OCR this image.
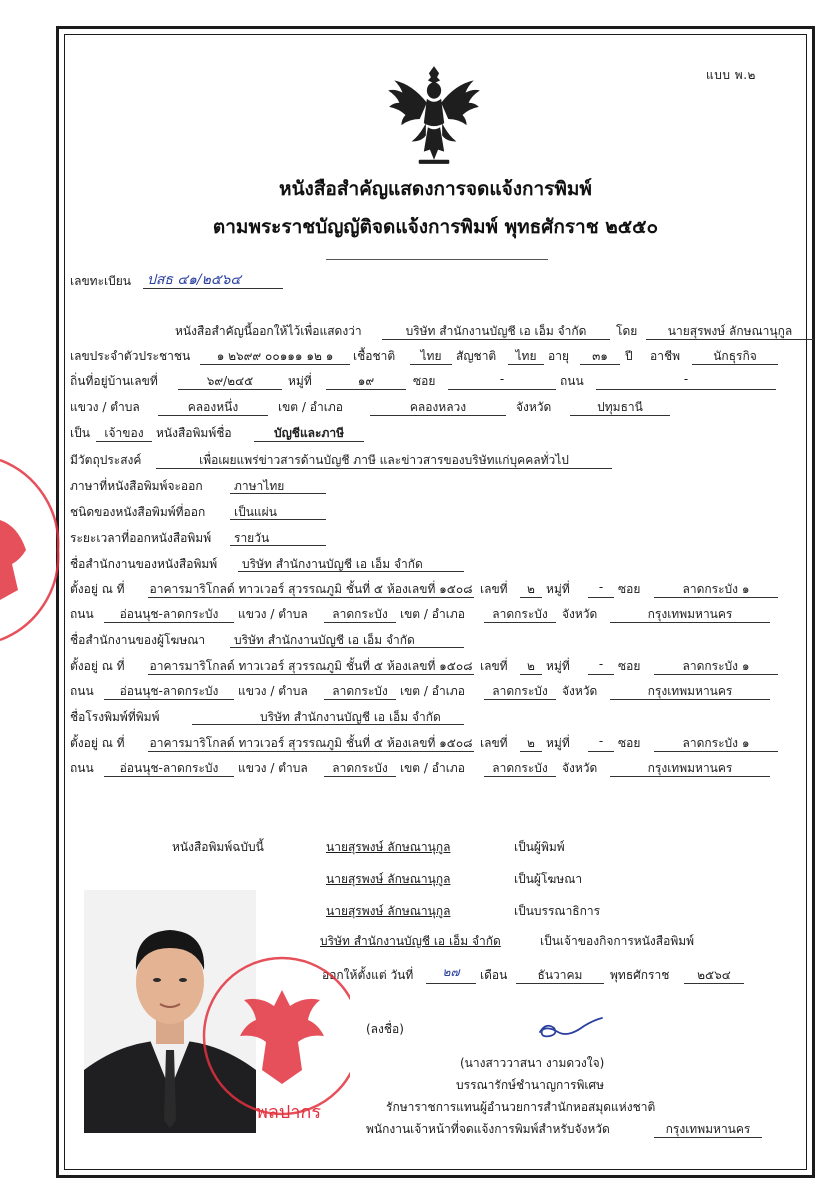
แบบ พ.๒
หนังสือสำคัญแสดงการจดแจ้งการพิมพ์
ตามพระราชบัญญัติจดแจ้งการพิมพ์ พุทธศักราช ๒๕๕๐
เลขทะเบียน ปสธ ๔๑/๒๕๖๔
หนังสือสำคัญนี้ออกให้ไว้เพื่อแสดงว่า	บริษัท สำนักงานบัญชี เอ เอ็ม จำกัด	โดย	นายสุรพงษ์ ลักษณานุกูล
เลขประจำตัวประชาชน	๑ ๒๖๙๙ ๐๐๑๑๑ ๑๒ ๑	เชื้อชาติ	ไทย	สัญชาติ	ไทย อายุ	๓๑	ปี อาชีพ	นักธุรกิจ
ถิ่นที่อยู่บ้านเลขที่	๖๙/๒๔๕	หมู่ที่	๑๙	ซอย	-	ถนน	-
แขวง / ตำบล	คลองหนึ่ง	เขต / อำเภอ	คลองหลวง	จังหวัด	ปทุมธานี
เป็น	เจ้าของ	หนังสือพิมพ์ชื่อ	บัญชีและภาษี
มีวัตถุประสงค์	เพื่อเผยแพร่ข่าวสารด้านบัญชี ภาษี และข่าวสารของบริษัทแก่บุคคลทั่วไป
ภาษาที่หนังสือพิมพ์จะออก	ภาษาไทย
ชนิดของหนังสือพิมพ์ที่ออก	เป็นแผ่น
ระยะเวลาที่ออกหนังสือพิมพ์	รายวัน
ชื่อสำนักงานของหนังสือพิมพ์	บริษัท สำนักงานบัญชี เอ เอ็ม จำกัด
ตั้งอยู่ ณ ที่ อาคารมาริโกลด์ ทาวเวอร์ สุวรรณภูมิ ชั้นที่ ๕ ห้องเลขที่ ๑๕๐๘ เลขที่	๒ หมู่ที่	-	ซอย	ลาดกระบัง ๑
ถนน	อ่อนนุช-ลาดกระบัง	แขวง / ตำบล	ลาดกระบัง	เขต / อำเภอ	ลาดกระบัง	จังหวัด	กรุงเทพมหานคร
ชื่อสำนักงานของผู้โฆษณา	บริษัท สำนักงานบัญชี เอ เอ็ม จำกัด
ตั้งอยู่ ณ ที่ อาคารมาริโกลด์ ทาวเวอร์ สุวรรณภูมิ ชั้นที่ ๕ ห้องเลขที่ ๑๕๐๘ เลขที่	๒ หมู่ที่	-	ซอย	ลาดกระบัง ๑
ถนน	อ่อนนุช-ลาดกระบัง	แขวง / ตำบล	ลาดกระบัง	เขต / อำเภอ	ลาดกระบัง	จังหวัด	กรุงเทพมหานคร
ชื่อโรงพิมพ์ที่พิมพ์	บริษัท สำนักงานบัญชี เอ เอ็ม จำกัด
ตั้งอยู่ ณ ที่ อาคารมาริโกลด์ ทาวเวอร์ สุวรรณภูมิ ชั้นที่ ๕ ห้องเลขที่ ๑๕๐๘ เลขที่	๒ หมู่ที่	-	ซอย	ลาดกระบัง ๑
ถนน	อ่อนนุช-ลาดกระบัง	แขวง / ตำบล	ลาดกระบัง	เขต / อำเภอ	ลาดกระบัง	จังหวัด	กรุงเทพมหานคร
หนังสือพิมพ์ฉบับนี้	นายสุรพงษ์ ลักษณานุกูล	เป็นผู้พิมพ์
นายสุรพงษ์ ลักษณานุกูล	เป็นผู้โฆษณา
นายสุรพงษ์ ลักษณานุกูล	เป็นบรรณาธิการ
บริษัท สำนักงานบัญชี เอ เอ็ม จำกัด	เป็นเจ้าของกิจการหนังสือพิมพ์
ออกให้ตั้งแต่ วันที่	๒๗	เดือน	ธันวาคม	พุทธศักราช	๒๕๖๔
(ลงชื่อ)
(นางสาววาสนา งามดวงใจ)
บรรณารักษ์ชำนาญการพิเศษ
รักษาราชการแทนผู้อำนวยการสำนักหอสมุดแห่งชาติ
พนักงานเจ้าหน้าที่จดแจ้งการพิมพ์สำหรับจังหวัด	กรุงเทพมหานคร
พลปากร
